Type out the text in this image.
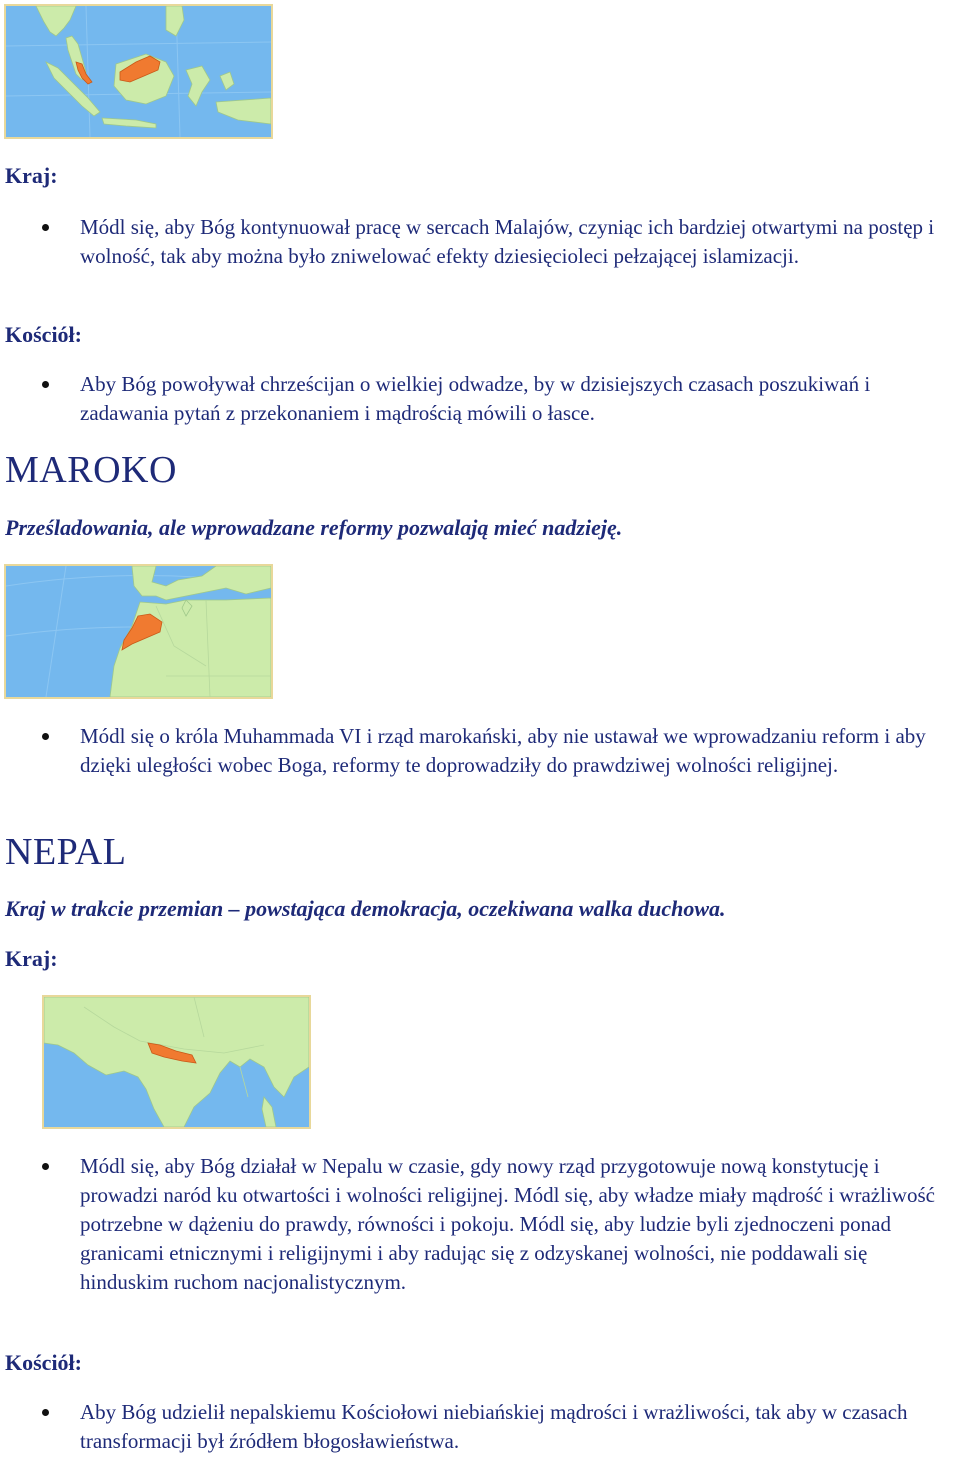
Kraj:
Módl się, aby Bóg kontynuował pracę w sercach Malajów, czyniąc ich bardziej otwartymi na postęp i wolność, tak aby można było zniwelować efekty dziesięcioleci pełzającej islamizacji.
Kościół:
Aby Bóg powoływał chrześcijan o wielkiej odwadze, by w dzisiejszych czasach poszukiwań i zadawania pytań z przekonaniem i mądrością mówili o łasce.
MAROKO
Prześladowania, ale wprowadzane reformy pozwalają mieć nadzieję.
Módl się o króla Muhammada VI i rząd marokański, aby nie ustawał we wprowadzaniu reform i aby dzięki uległości wobec Boga, reformy te doprowadziły do prawdziwej wolności religijnej.
NEPAL
Kraj w trakcie przemian – powstająca demokracja, oczekiwana walka duchowa.
Kraj:
Módl się, aby Bóg działał w Nepalu w czasie, gdy nowy rząd przygotowuje nową konstytucję i prowadzi naród ku otwartości i wolności religijnej. Módl się, aby władze miały mądrość i wrażliwość potrzebne w dążeniu do prawdy, równości i pokoju. Módl się, aby ludzie byli zjednoczeni ponad granicami etnicznymi i religijnymi i aby radując się z odzyskanej wolności, nie poddawali się hinduskim ruchom nacjonalistycznym.
Kościół:
Aby Bóg udzielił nepalskiemu Kościołowi niebiańskiej mądrości i wrażliwości, tak aby w czasach transformacji był źródłem błogosławieństwa.
